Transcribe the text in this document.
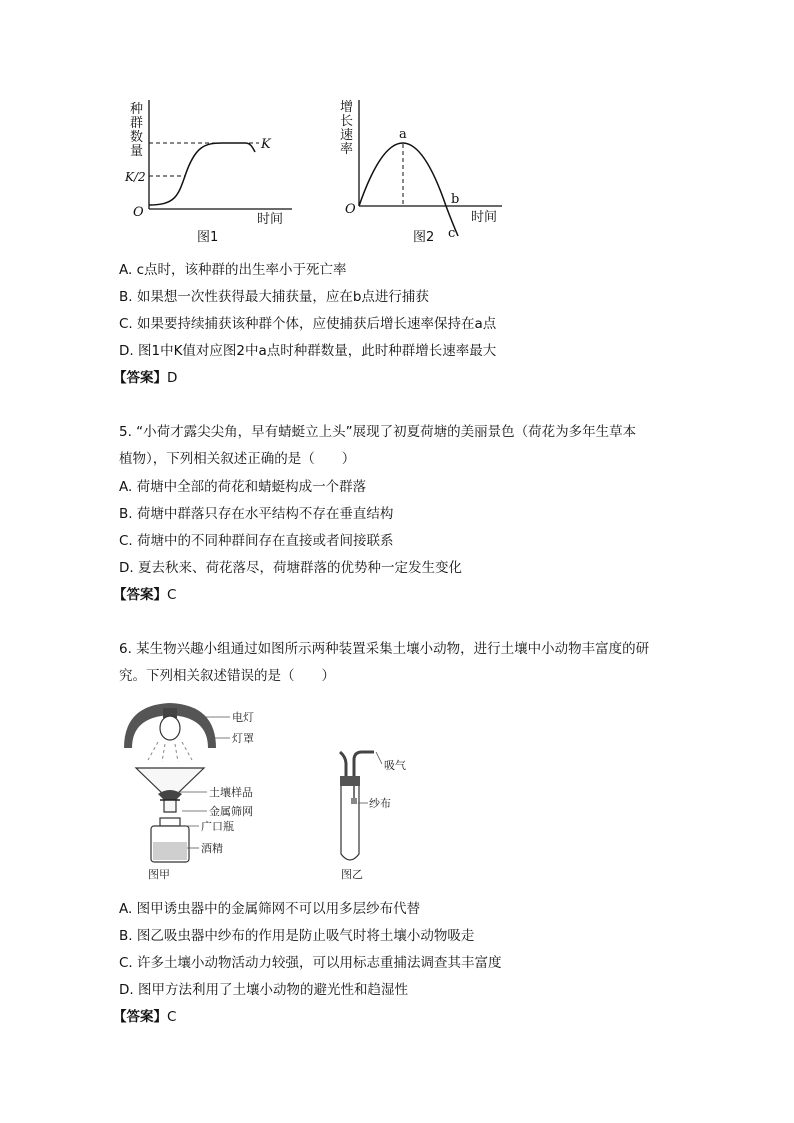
种
群
数
量	K
K/2
O	时间
图1
增
长
速
率
a
b
c
O
时间
图2
A. c点时，该种群的出生率小于死亡率
B. 如果想一次性获得最大捕获量，应在b点进行捕获
C. 如果要持续捕获该种群个体，应使捕获后增长速率保持在a点
D. 图1中K值对应图2中a点时种群数量，此时种群增长速率最大
【答案】D
5. “小荷才露尖尖角，早有蜻蜓立上头”展现了初夏荷塘的美丽景色（荷花为多年生草本
植物），下列相关叙述正确的是（　　）
A. 荷塘中全部的荷花和蜻蜓构成一个群落
B. 荷塘中群落只存在水平结构不存在垂直结构
C. 荷塘中的不同种群间存在直接或者间接联系
D. 夏去秋来、荷花落尽，荷塘群落的优势种一定发生变化
【答案】C
6. 某生物兴趣小组通过如图所示两种装置采集土壤小动物，进行土壤中小动物丰富度的研
究。下列相关叙述错误的是（　　）
电灯
灯罩
土壤样品
金属筛网
广口瓶
酒精
图甲
吸气
纱布
图乙
A. 图甲诱虫器中的金属筛网不可以用多层纱布代替
B. 图乙吸虫器中纱布的作用是防止吸气时将土壤小动物吸走
C. 许多土壤小动物活动力较强，可以用标志重捕法调查其丰富度
D. 图甲方法利用了土壤小动物的避光性和趋湿性
【答案】C
